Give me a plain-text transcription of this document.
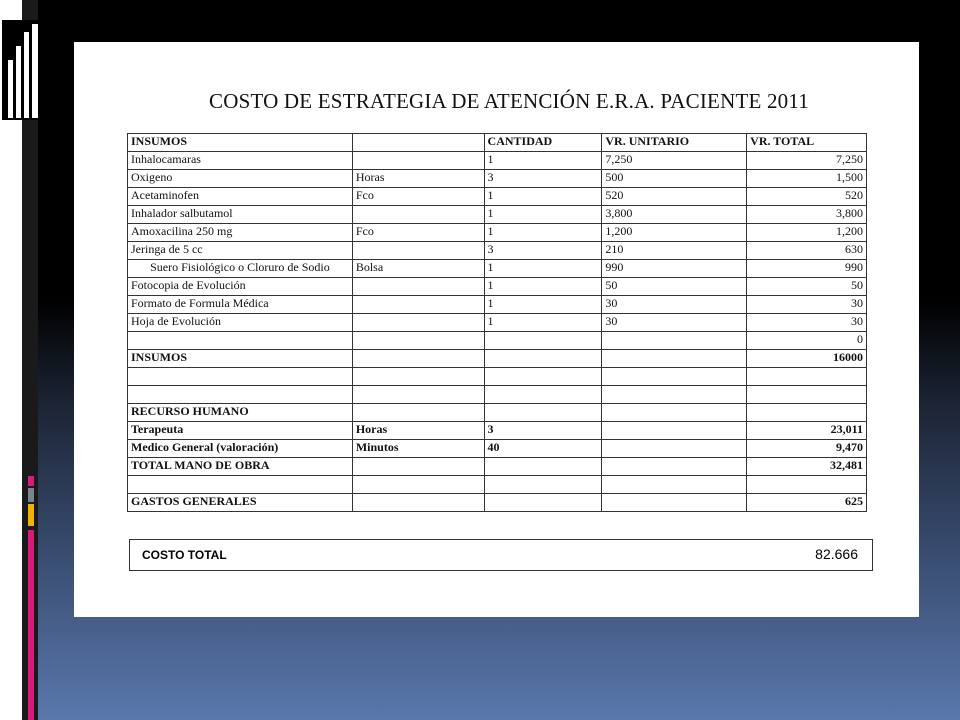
COSTO DE ESTRATEGIA DE ATENCIÓN E.R.A. PACIENTE 2011
INSUMOS		CANTIDAD	VR. UNITARIO	VR. TOTAL
Inhalocamaras		1	7,250	7,250
Oxigeno	Horas	3	500	1,500
Acetaminofen	Fco	1	520	520
Inhalador salbutamol		1	3,800	3,800
Amoxacilina 250 mg	Fco	1	1,200	1,200
Jeringa de 5 cc		3	210	630
Suero Fisiológico o Cloruro de Sodio	Bolsa	1	990	990
Fotocopia de Evolución		1	50	50
Formato de Formula Médica		1	30	30
Hoja de Evolución		1	30	30
				0
INSUMOS				16000

RECURSO HUMANO				
Terapeuta	Horas	3		23,011
Medico General (valoración)	Minutos	40		9,470
TOTAL MANO DE OBRA				32,481

GASTOS GENERALES				625
COSTO TOTAL	82.666
